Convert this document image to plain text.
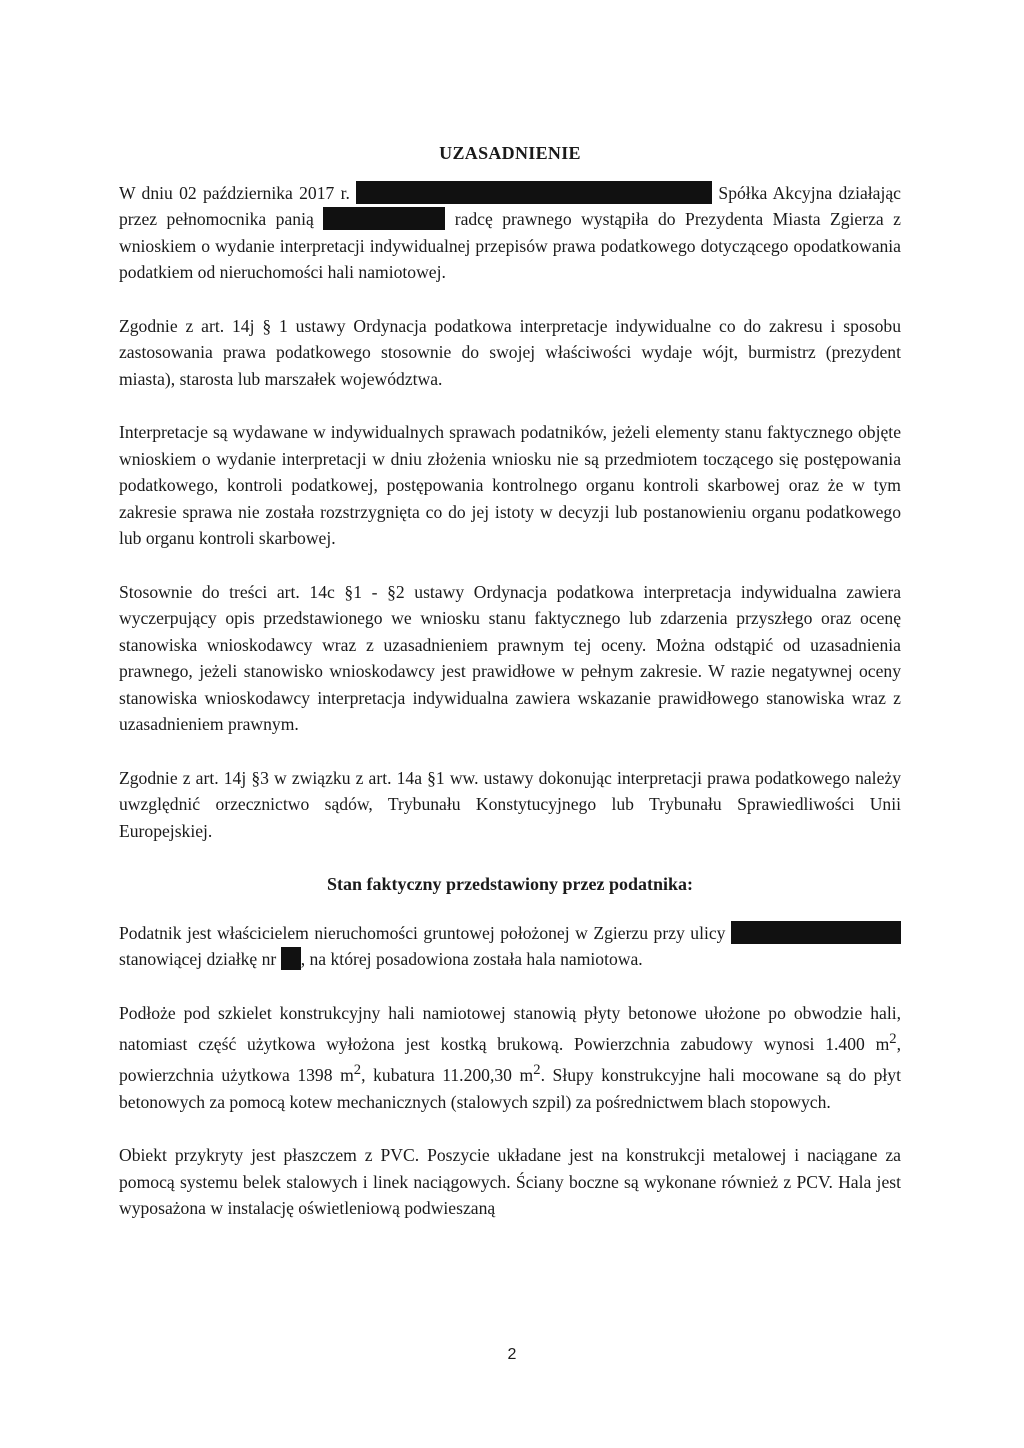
UZASADNIENIE

W dniu 02 października 2017 r.	Spółka Akcyjna działając przez pełnomocnika panią	radcę prawnego wystąpiła do Prezydenta Miasta Zgierza z wnioskiem o wydanie interpretacji indywidualnej przepisów prawa podatkowego dotyczącego opodatkowania podatkiem od nieruchomości hali namiotowej.

Zgodnie z art. 14j § 1 ustawy Ordynacja podatkowa interpretacje indywidualne co do zakresu i sposobu zastosowania prawa podatkowego stosownie do swojej właściwości wydaje wójt, burmistrz (prezydent miasta), starosta lub marszałek województwa.

Interpretacje są wydawane w indywidualnych sprawach podatników, jeżeli elementy stanu faktycznego objęte wnioskiem o wydanie interpretacji w dniu złożenia wniosku nie są przedmiotem toczącego się postępowania podatkowego, kontroli podatkowej, postępowania kontrolnego organu kontroli skarbowej oraz że w tym zakresie sprawa nie została rozstrzygnięta co do jej istoty w decyzji lub postanowieniu organu podatkowego lub organu kontroli skarbowej.

Stosownie do treści art. 14c §1 - §2 ustawy Ordynacja podatkowa interpretacja indywidualna zawiera wyczerpujący opis przedstawionego we wniosku stanu faktycznego lub zdarzenia przyszłego oraz ocenę stanowiska wnioskodawcy wraz z uzasadnieniem prawnym tej oceny. Można odstąpić od uzasadnienia prawnego, jeżeli stanowisko wnioskodawcy jest prawidłowe w pełnym zakresie. W razie negatywnej oceny stanowiska wnioskodawcy interpretacja indywidualna zawiera wskazanie prawidłowego stanowiska wraz z uzasadnieniem prawnym.

Zgodnie z art. 14j §3 w związku z art. 14a §1 ww. ustawy dokonując interpretacji prawa podatkowego należy uwzględnić orzecznictwo sądów, Trybunału Konstytucyjnego lub Trybunału Sprawiedliwości Unii Europejskiej.

Stan faktyczny przedstawiony przez podatnika:

Podatnik jest właścicielem nieruchomości gruntowej położonej w Zgierzu przy ulicy  stanowiącej działkę nr , na której posadowiona została hala namiotowa.

Podłoże pod szkielet konstrukcyjny hali namiotowej stanowią płyty betonowe ułożone po obwodzie hali, natomiast część użytkowa wyłożona jest kostką brukową. Powierzchnia zabudowy wynosi 1.400 $m^2$, powierzchnia użytkowa 1398 $m^2$, kubatura 11.200,30 $m^2$. Słupy konstrukcyjne hali mocowane są do płyt betonowych za pomocą kotew mechanicznych (stalowych szpil) za pośrednictwem blach stopowych.

Obiekt przykryty jest płaszczem z PVC. Poszycie układane jest na konstrukcji metalowej i naciągane za pomocą systemu belek stalowych i linek naciągowych. Ściany boczne są wykonane również z PCV. Hala jest wyposażona w instalację oświetleniową podwieszaną

2
